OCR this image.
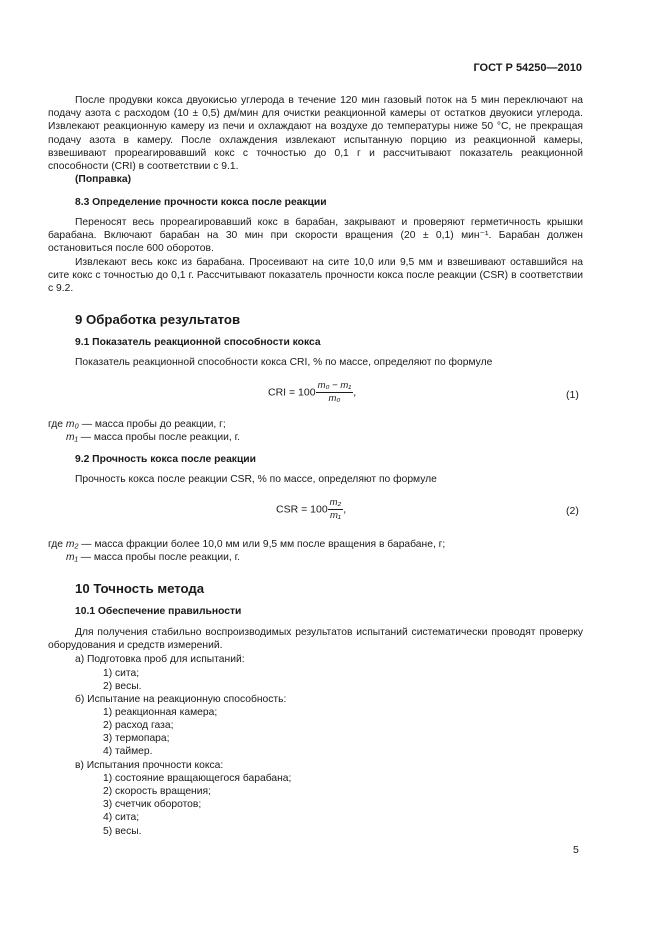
ГОСТ Р 54250—2010
После продувки кокса двуокисью углерода в течение 120 мин газовый поток на 5 мин переключают на подачу азота с расходом (10 ± 0,5) дм/мин для очистки реакционной камеры от остатков двуокиси углерода. Извлекают реакционную камеру из печи и охлаждают на воздухе до температуры ниже 50 °С, не прекращая подачу азота в камеру. После охлаждения извлекают испытанную порцию из реакционной камеры, взвешивают прореагировавший кокс с точностью до 0,1 г и рассчитывают показатель реакционной способности (CRI) в соответствии с 9.1.
(Поправка)
8.3 Определение прочности кокса после реакции
Переносят весь прореагировавший кокс в барабан, закрывают и проверяют герметичность крышки барабана. Включают барабан на 30 мин при скорости вращения (20 ± 0,1) мин⁻¹. Барабан должен остановиться после 600 оборотов.
Извлекают весь кокс из барабана. Просеивают на сите 10,0 или 9,5 мм и взвешивают оставшийся на сите кокс с точностью до 0,1 г. Рассчитывают показатель прочности кокса после реакции (CSR) в соответствии с 9.2.
9 Обработка результатов
9.1 Показатель реакционной способности кокса
Показатель реакционной способности кокса CRI, % по массе, определяют по формуле
CRI = $100 \frac{\text{m₀ − m₁}}{\text{m₀}}$ ,	(1)
где m₀ — масса пробы до реакции, г;
m₁ — масса пробы после реакции, г.
9.2 Прочность кокса после реакции
Прочность кокса после реакции CSR, % по массе, определяют по формуле
CSR = $100 \frac{\text{m₂}}{\text{m₁}}$ ,	(2)
где m₂ — масса фракции более 10,0 мм или 9,5 мм после вращения в барабане, г;
m₁ — масса пробы после реакции, г.
10 Точность метода
10.1 Обеспечение правильности
Для получения стабильно воспроизводимых результатов испытаний систематически проводят проверку оборудования и средств измерений.
а) Подготовка проб для испытаний:
1) сита;
2) весы.
б) Испытание на реакционную способность:
1) реакционная камера;
2) расход газа;
3) термопара;
4) таймер.
в) Испытания прочности кокса:
1) состояние вращающегося барабана;
2) скорость вращения;
3) счетчик оборотов;
4) сита;
5) весы.
5
